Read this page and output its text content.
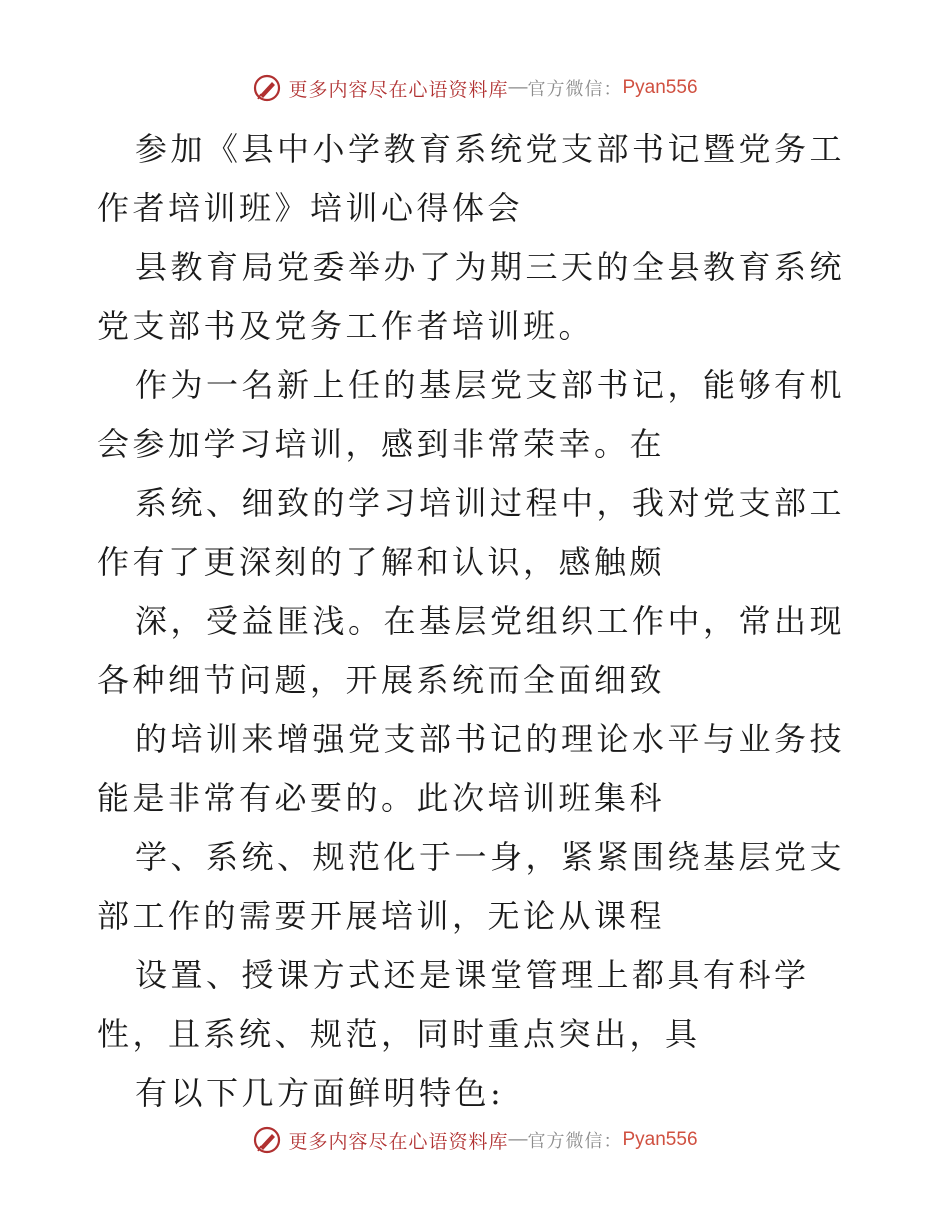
更多内容尽在心语资料库 — 官方微信： Pyan556

参加《县中小学教育系统党支部书记暨党务工作者培训班》培训心得体会

县教育局党委举办了为期三天的全县教育系统党支部书及党务工作者培训班。

作为一名新上任的基层党支部书记，能够有机会参加学习培训，感到非常荣幸。在

系统、细致的学习培训过程中，我对党支部工作有了更深刻的了解和认识，感触颇

深，受益匪浅。在基层党组织工作中，常出现各种细节问题，开展系统而全面细致

的培训来增强党支部书记的理论水平与业务技能是非常有必要的。此次培训班集科

学、系统、规范化于一身，紧紧围绕基层党支部工作的需要开展培训，无论从课程

设置、授课方式还是课堂管理上都具有科学性，且系统、规范，同时重点突出，具

有以下几方面鲜明特色:

更多内容尽在心语资料库 — 官方微信： Pyan556
